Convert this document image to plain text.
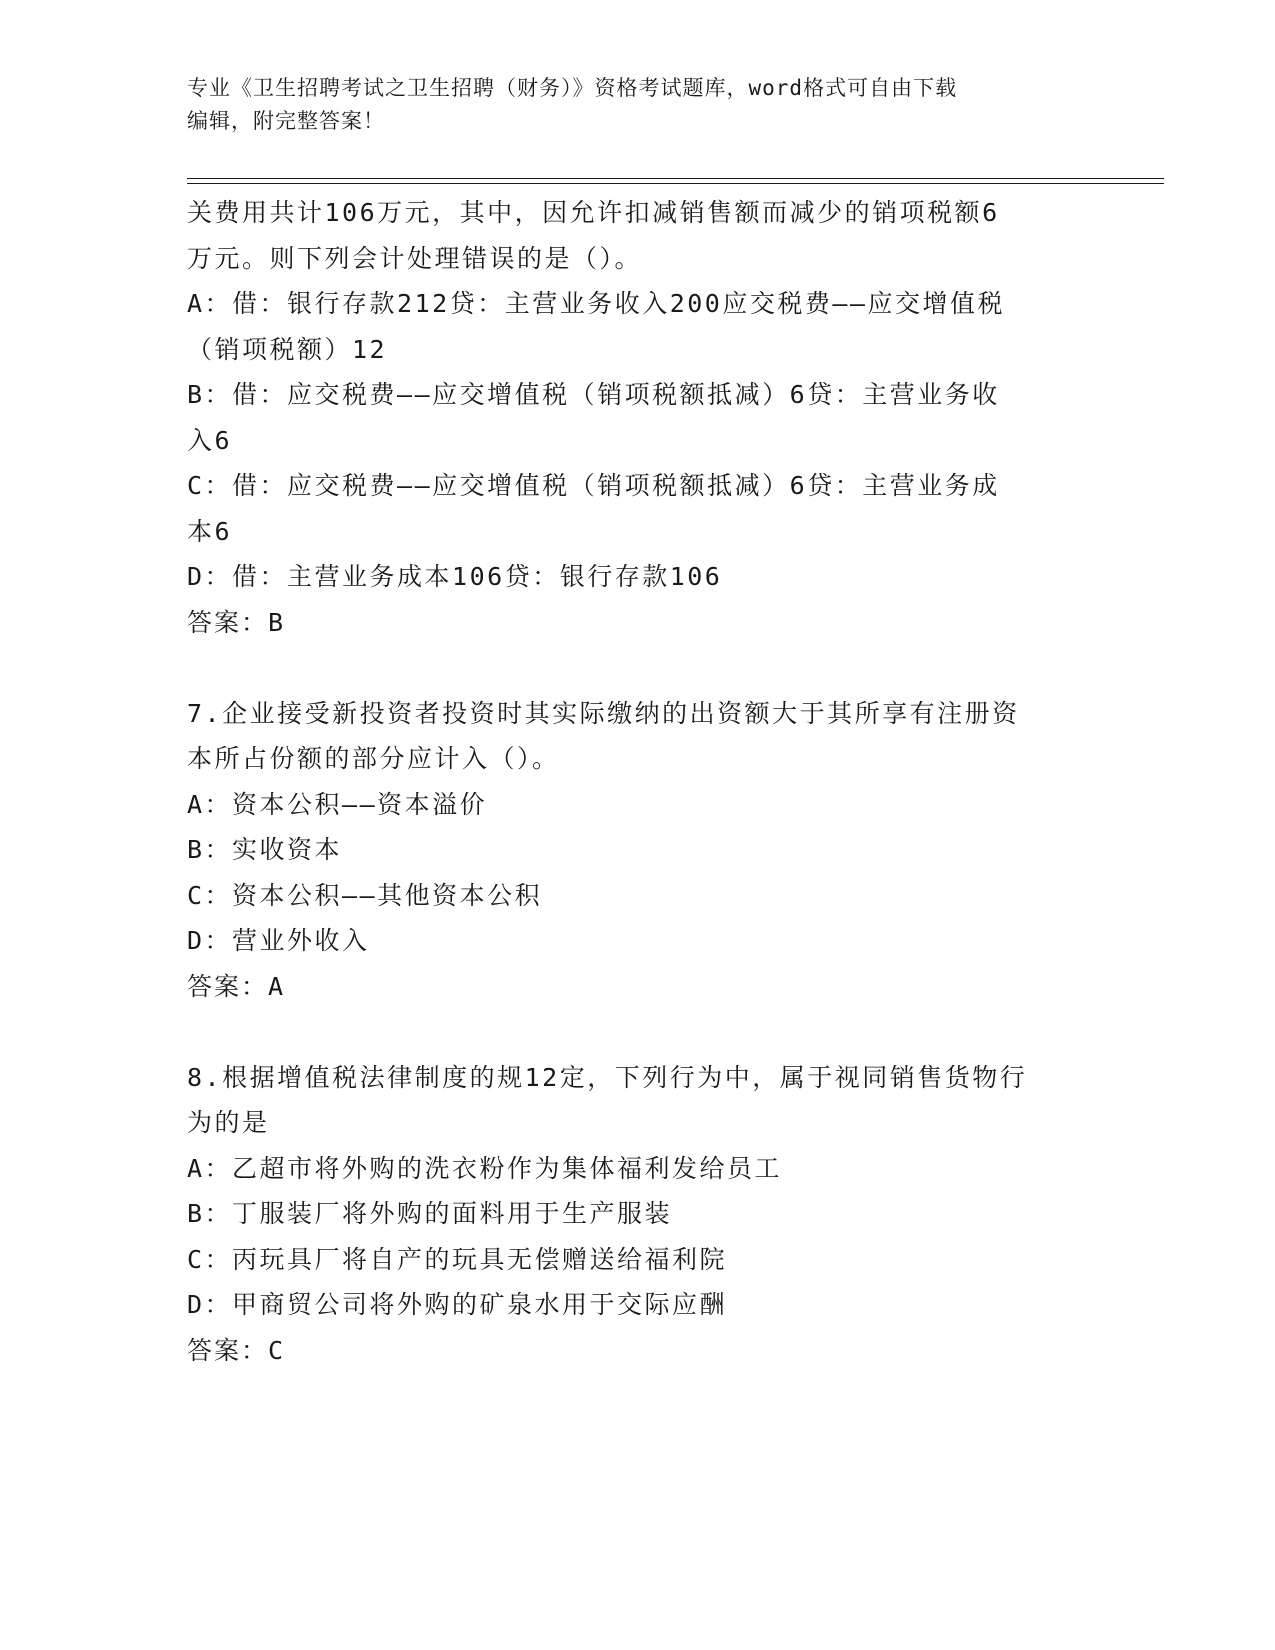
专业《卫生招聘考试之卫生招聘（财务）》资格考试题库，word格式可自由下载
编辑，附完整答案！
关费用共计106万元，其中，因允许扣减销售额而减少的销项税额6
万元。则下列会计处理错误的是（）。
A：借：银行存款212贷：主营业务收入200应交税费——应交增值税
（销项税额）12
B：借：应交税费——应交增值税（销项税额抵减）6贷：主营业务收
入6
C：借：应交税费——应交增值税（销项税额抵减）6贷：主营业务成
本6
D：借：主营业务成本106贷：银行存款106
答案：B
7.企业接受新投资者投资时其实际缴纳的出资额大于其所享有注册资
本所占份额的部分应计入（）。
A：资本公积——资本溢价
B：实收资本
C：资本公积——其他资本公积
D：营业外收入
答案：A
8.根据增值税法律制度的规12定，下列行为中，属于视同销售货物行
为的是
A：乙超市将外购的洗衣粉作为集体福利发给员工
B：丁服装厂将外购的面料用于生产服装
C：丙玩具厂将自产的玩具无偿赠送给福利院
D：甲商贸公司将外购的矿泉水用于交际应酬
答案：C
